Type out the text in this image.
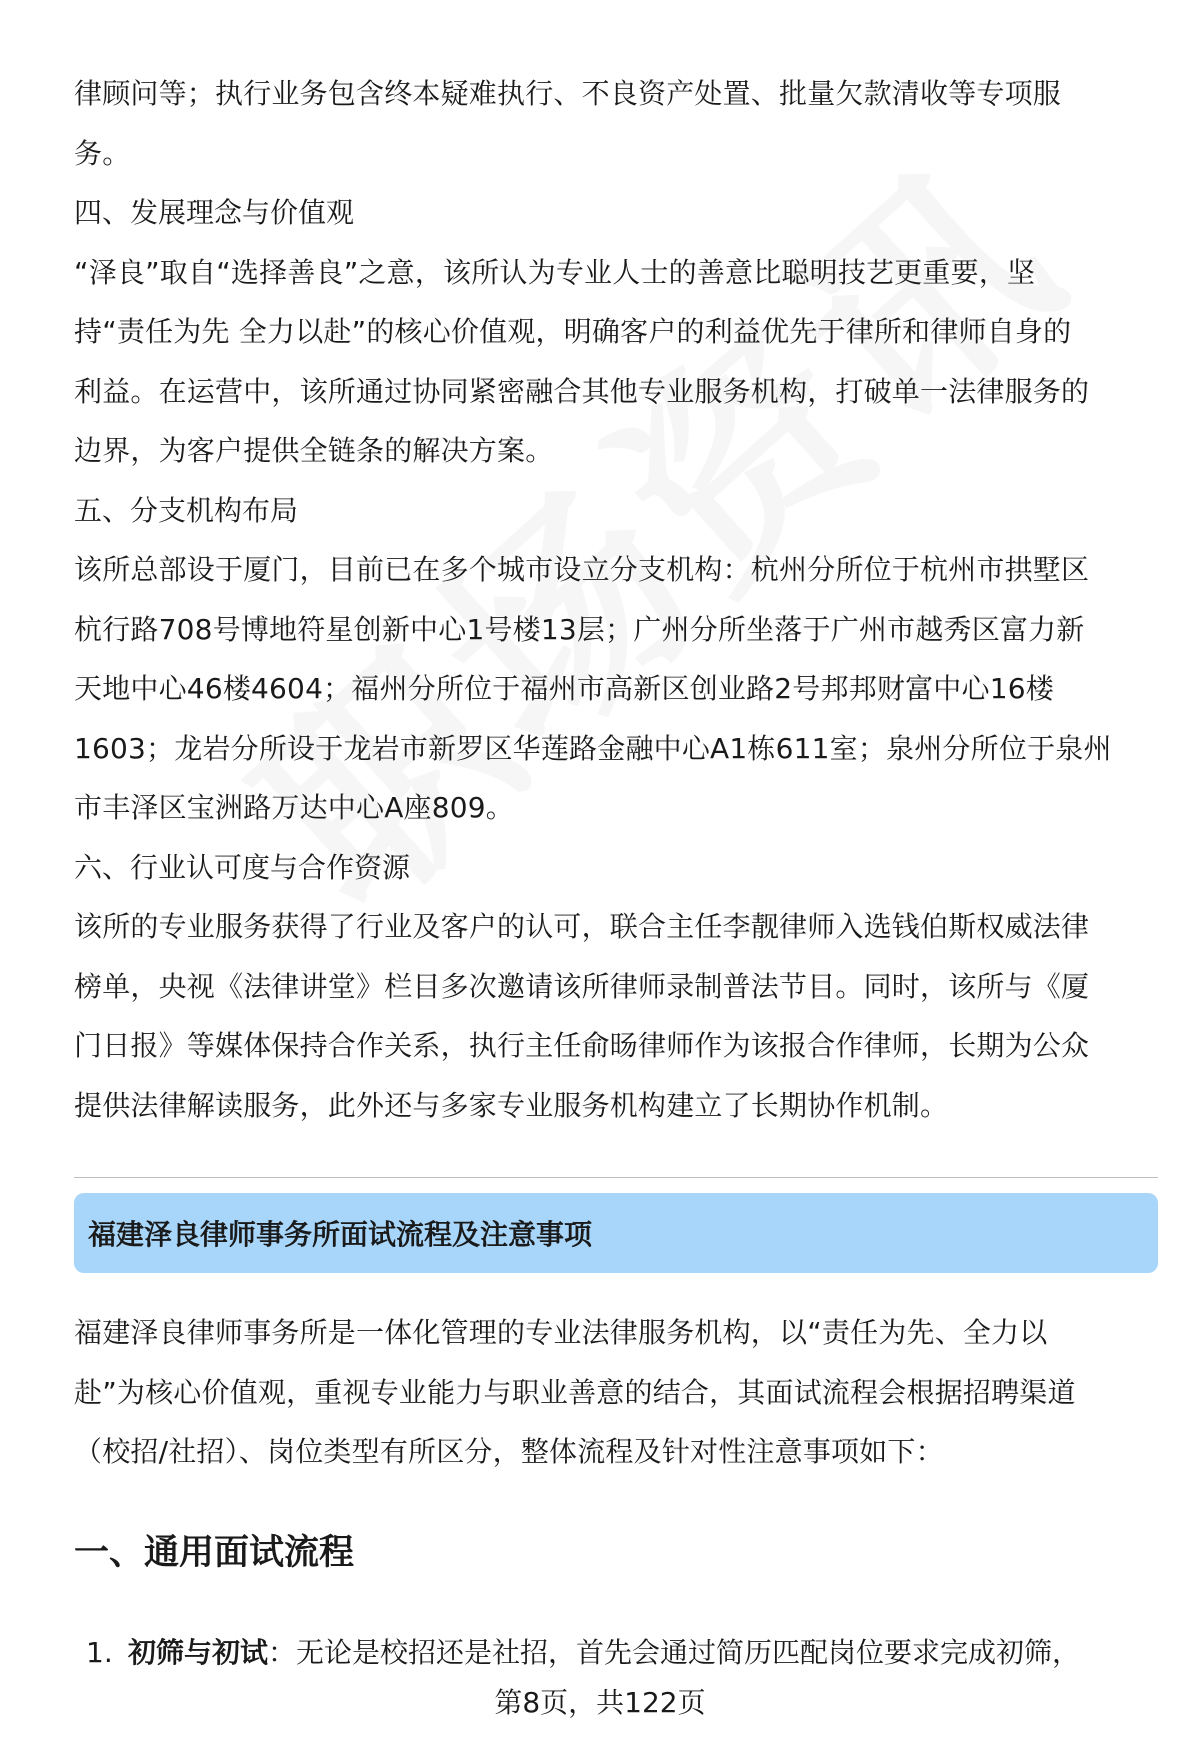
律顾问等；执行业务包含终本疑难执行、不良资产处置、批量欠款清收等专项服

务。

四、发展理念与价值观

“泽良”取自“选择善良”之意，该所认为专业人士的善意比聪明技艺更重要，坚

持“责任为先 全力以赴”的核心价值观，明确客户的利益优先于律所和律师自身的

利益。在运营中，该所通过协同紧密融合其他专业服务机构，打破单一法律服务的

边界，为客户提供全链条的解决方案。

五、分支机构布局

该所总部设于厦门，目前已在多个城市设立分支机构：杭州分所位于杭州市拱墅区

杭行路708号博地符星创新中心1号楼13层；广州分所坐落于广州市越秀区富力新

天地中心46楼4604；福州分所位于福州市高新区创业路2号邦邦财富中心16楼

1603；龙岩分所设于龙岩市新罗区华莲路金融中心A1栋611室；泉州分所位于泉州

市丰泽区宝洲路万达中心A座809。

六、行业认可度与合作资源

该所的专业服务获得了行业及客户的认可，联合主任李靓律师入选钱伯斯权威法律

榜单，央视《法律讲堂》栏目多次邀请该所律师录制普法节目。同时，该所与《厦

门日报》等媒体保持合作关系，执行主任俞旸律师作为该报合作律师，长期为公众

提供法律解读服务，此外还与多家专业服务机构建立了长期协作机制。

福建泽良律师事务所面试流程及注意事项

福建泽良律师事务所是一体化管理的专业法律服务机构，以“责任为先、全力以

赴”为核心价值观，重视专业能力与职业善意的结合，其面试流程会根据招聘渠道

（校招/社招）、岗位类型有所区分，整体流程及针对性注意事项如下：

一、通用面试流程
1. 初筛与初试：无论是校招还是社招，首先会通过简历匹配岗位要求完成初筛，
第8页，共122页
